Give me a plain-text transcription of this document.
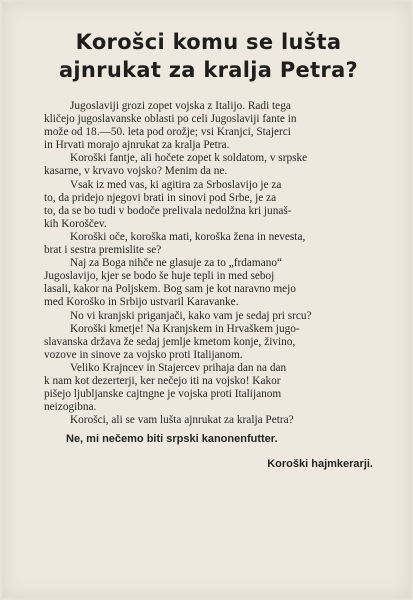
Korošci komu se lušta
ajnrukat za kralja Petra?
Jugoslaviji grozi zopet vojska z Italijo. Radi tega
kličejo jugoslavanske oblasti po celi Jugoslaviji fante in
može od 18.—50. leta pod orožje; vsi Kranjci, Stajerci
in Hrvati morajo ajnrukat za kralja Petra.
Koroški fantje, ali hočete zopet k soldatom, v srpske
kasarne, v krvavo vojsko? Menim da ne.
Vsak iz med vas, ki agitira za Srboslavijo je za
to, da pridejo njegovi brati in sinovi pod Srbe, je za
to, da se bo tudi v bodoče prelivala nedolžna kri junaš-
kih Koroščev.
Koroški oče, koroška mati, koroška žena in nevesta,
brat i sestra premislite se?
Naj za Boga nihče ne glasuje za to „frdamano“
Jugoslavijo, kjer se bodo še huje tepli in med seboj
lasali, kakor na Poljskem. Bog sam je kot naravno mejo
med Koroško in Srbijo ustvaril Karavanke.
No vi kranjski priganjači, kako vam je sedaj pri srcu?
Koroški kmetje! Na Kranjskem in Hrvaškem jugo-
slavanska država že sedaj jemlje kmetom konje, živino,
vozove in sinove za vojsko proti Italijanom.
Veliko Krajncev in Stajercev prihaja dan na dan
k nam kot dezerterji, ker nečejo iti na vojsko! Kakor
pišejo ljubljanske cajtngne je vojska proti Italijanom
neizogibna.
Korošci, ali se vam lušta ajnrukat za kralja Petra?
Ne, mi nečemo biti srpski kanonenfutter.
Koroški hajmkerarji.
